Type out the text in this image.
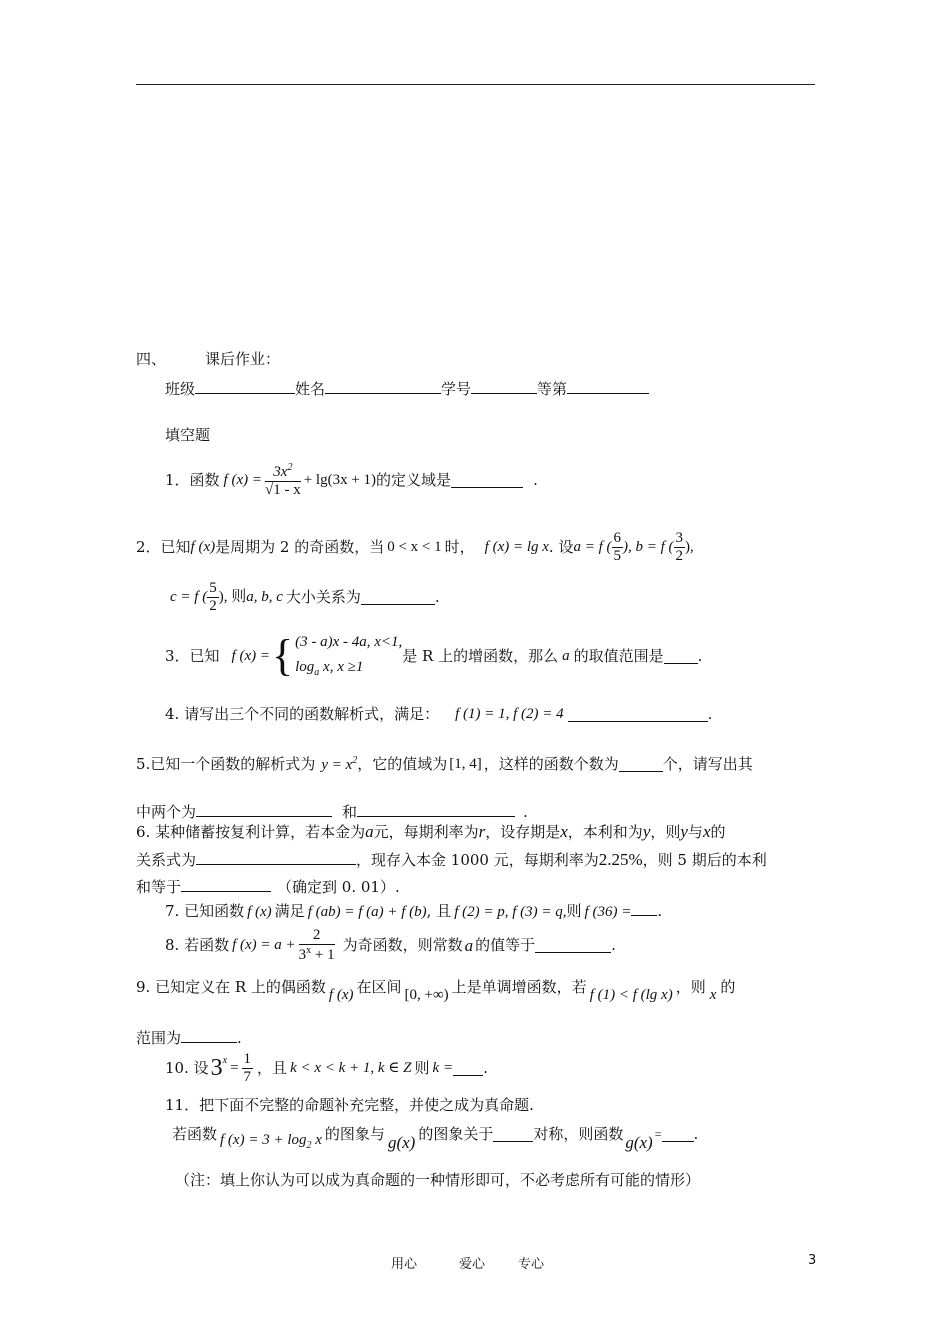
四、	课后作业：
班级	姓名	学号	等第
填空题
1．函数 f $(x) = \frac{3x^2}{√1 - x} + \lg(3x + 1)$ 的定义域是	.
2．已知 f (x) 是周期为 2 的奇函数，当 0 < x < 1 时， f (x) = lg x . 设 a = f ( $\frac{6}{5}$ ), b = f ( $\frac{3}{2}$ ),
c = f ( $\frac{5}{2}$ ), 则 a, b, c 大小关系为	.
3．已知 f (x) = { (3 - a)x - 4a, x<1,
$\log_a x$, x ≥1
是 R 上的增函数，那么 a 的取值范围是 .
4. 请写出三个不同的函数解析式，满足： f (1) = 1, f (2) = 4	.
5.已知一个函数的解析式为 $y = x^2$ ，它的值域为 [1, 4] ，这样的函数个数为	个，请写出其
中两个为	和	.
6. 某种储蓄按复利计算，若本金为a元，每期利率为r，设存期是x，本利和为y，则y与x的
关系式为	，现存入本金 1000 元，每期利率为2.25%，则 5 期后的本利
和等于	（确定到 0. 01）.
7. 已知函数 f (x) 满足 f (ab) = f (a) + f (b), 且 f (2) = p, f (3) = q,则 f (36) = .
8. 若函数 f $(x) = a + \frac{2}{3^x + 1}$ 为奇函数，则常数 a 的值等于	.
9. 已知定义在 R 上的偶函数 f (x) 在区间 [0, +∞) 上是单调增函数，若 f (1) < f (lg x) ，则 x 的
范围为	.
10. 设 $3^x = \frac{1}{7}$ ，且 k < x < k + 1, k ∈ Z 则 k = .
11．把下面不完整的命题补充完整，并使之成为真命题.
若函数 f $(x) = 3 + \log_2 x$ 的图象与 g(x) 的图象关于	对称，则函数 g(x) = .
（注：填上你认为可以成为真命题的一种情形即可，不必考虑所有可能的情形）
用心	爱心	专心	3
